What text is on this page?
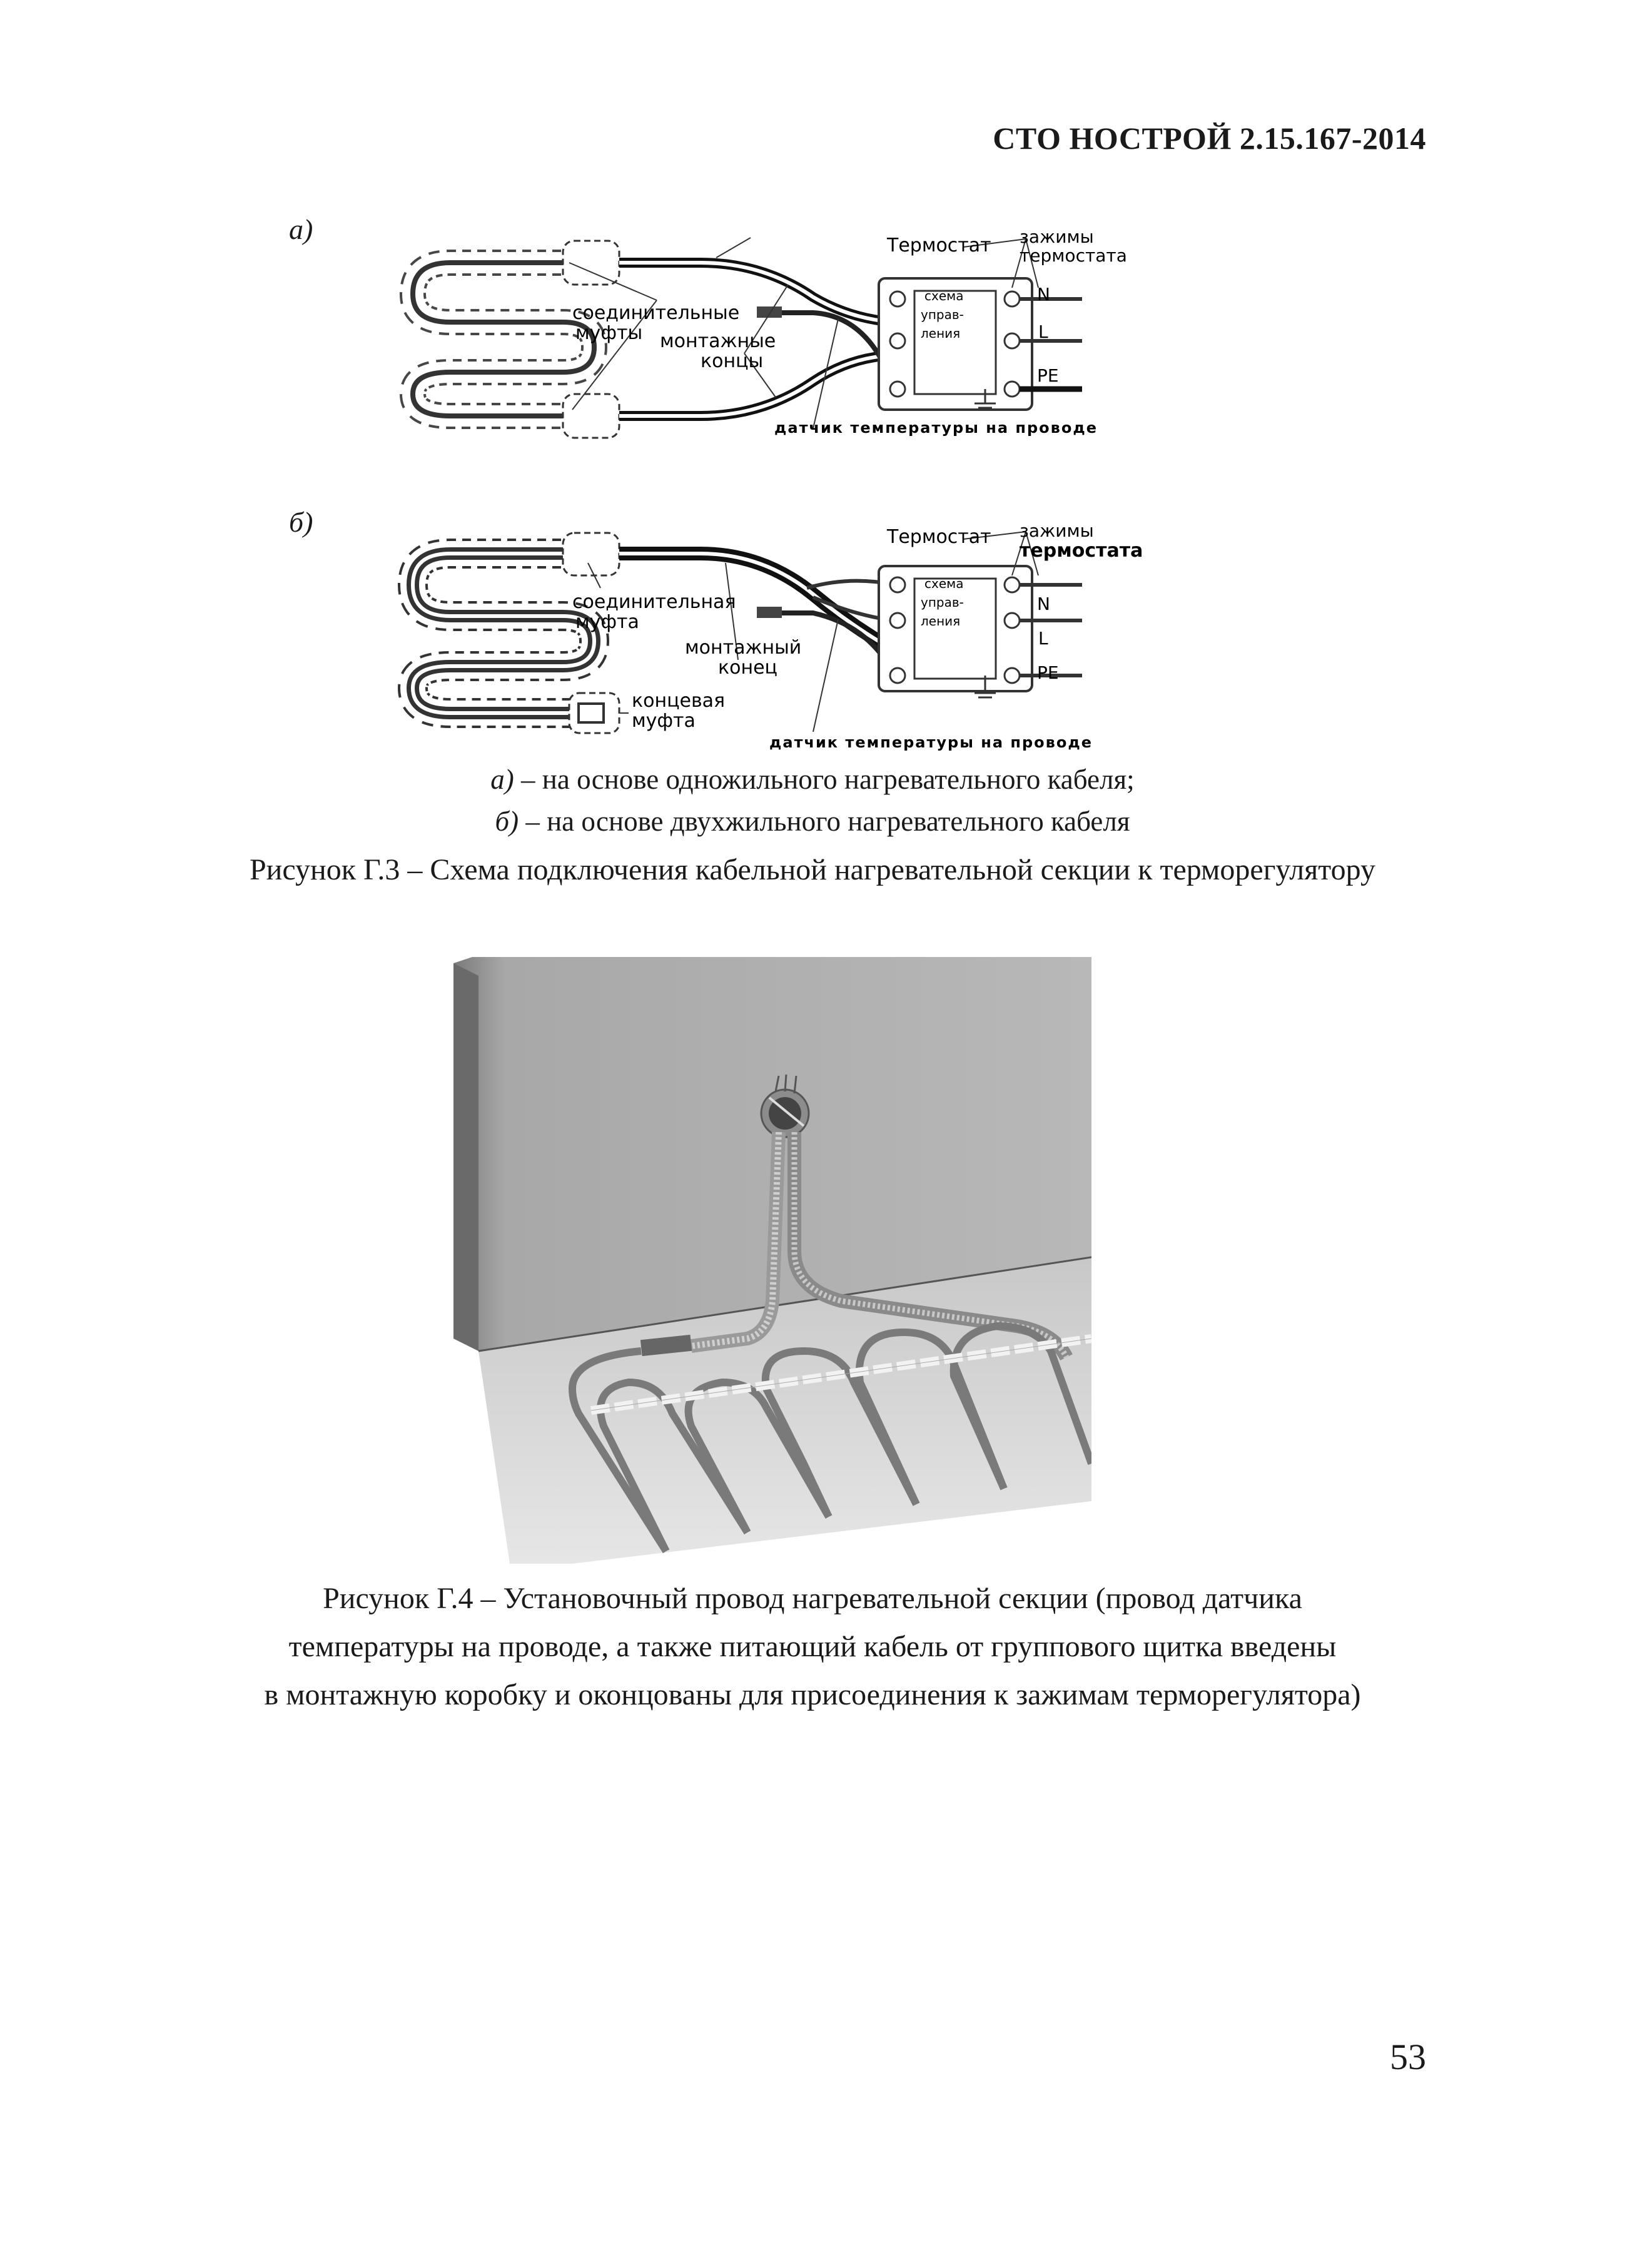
СТО НОСТРОЙ 2.15.167-2014
а)
Термостат зажимы
термостата
схема
управ-
ления
N
L
PE
соединительные
муфты монтажные
концы
датчик температуры на проводе
б)	Термостат зажимы
термостата
схема
управ-
ления
N
L
PE
соединительная
муфта
монтажный
конец
концевая
муфта
датчик температуры на проводе
а) – на основе одножильного нагревательного кабеля;
б) – на основе двухжильного нагревательного кабеля
Рисунок Г.3 – Схема подключения кабельной нагревательной секции к терморегулятору
Рисунок Г.4 – Установочный провод нагревательной секции (провод датчика
температуры на проводе, а также питающий кабель от группового щитка введены
в монтажную коробку и оконцованы для присоединения к зажимам терморегулятора)
53
